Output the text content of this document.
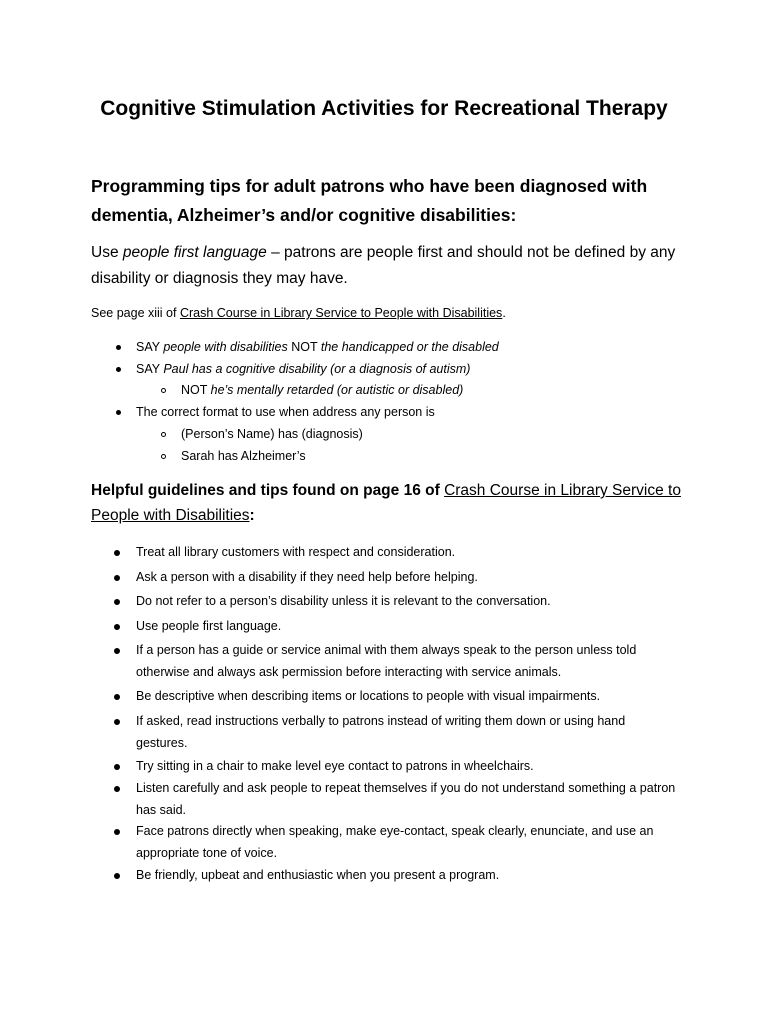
Cognitive Stimulation Activities for Recreational Therapy
Programming tips for adult patrons who have been diagnosed with dementia, Alzheimer’s and/or cognitive disabilities:
Use people first language – patrons are people first and should not be defined by any disability or diagnosis they may have.
See page xiii of Crash Course in Library Service to People with Disabilities.
SAY people with disabilities NOT the handicapped or the disabled
SAY Paul has a cognitive disability (or a diagnosis of autism)
NOT he’s mentally retarded (or autistic or disabled)
The correct format to use when address any person is
(Person’s Name) has (diagnosis)
Sarah has Alzheimer’s
Helpful guidelines and tips found on page 16 of Crash Course in Library Service to People with Disabilities:
Treat all library customers with respect and consideration.
Ask a person with a disability if they need help before helping.
Do not refer to a person’s disability unless it is relevant to the conversation.
Use people first language.
If a person has a guide or service animal with them always speak to the person unless told otherwise and always ask permission before interacting with service animals.
Be descriptive when describing items or locations to people with visual impairments.
If asked, read instructions verbally to patrons instead of writing them down or using hand gestures.
Try sitting in a chair to make level eye contact to patrons in wheelchairs.
Listen carefully and ask people to repeat themselves if you do not understand something a patron has said.
Face patrons directly when speaking, make eye-contact, speak clearly, enunciate, and use an appropriate tone of voice.
Be friendly, upbeat and enthusiastic when you present a program.
